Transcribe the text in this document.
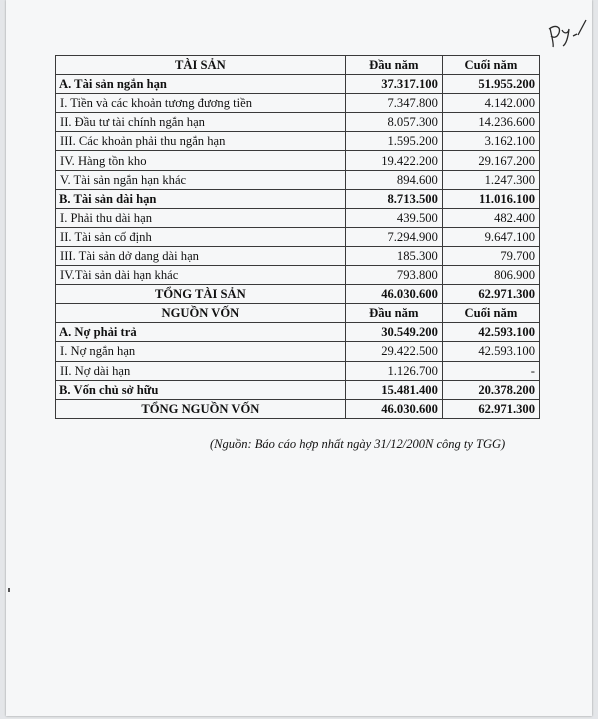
TÀI SẢN	Đầu năm	Cuối năm
A. Tài sản ngắn hạn	37.317.100	51.955.200
I. Tiền và các khoản tương đương tiền	7.347.800	4.142.000
II. Đầu tư tài chính ngắn hạn	8.057.300	14.236.600
III. Các khoản phải thu ngắn hạn	1.595.200	3.162.100
IV. Hàng tồn kho	19.422.200	29.167.200
V. Tài sản ngắn hạn khác	894.600	1.247.300
B. Tài sản dài hạn	8.713.500	11.016.100
I. Phải thu dài hạn	439.500	482.400
II. Tài sản cố định	7.294.900	9.647.100
III. Tài sản dở dang dài hạn	185.300	79.700
IV.Tài sản dài hạn khác	793.800	806.900
TỔNG TÀI SẢN	46.030.600	62.971.300
NGUỒN VỐN	Đầu năm	Cuối năm
A. Nợ phải trả	30.549.200	42.593.100
I. Nợ ngắn hạn	29.422.500	42.593.100
II. Nợ dài hạn	1.126.700	-
B. Vốn chủ sở hữu	15.481.400	20.378.200
TỔNG NGUỒN VỐN	46.030.600	62.971.300
(Nguồn: Báo cáo hợp nhất ngày 31/12/200N công ty TGG)
